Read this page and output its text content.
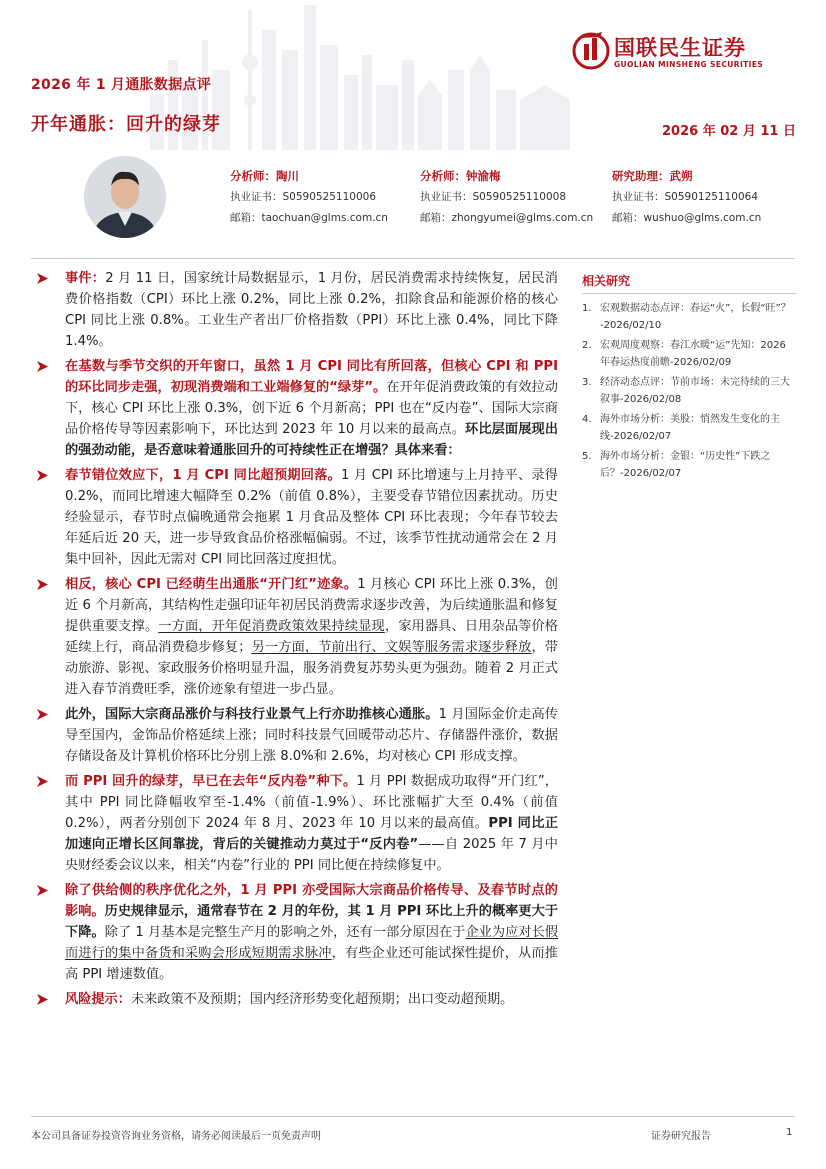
国联民生证券
GUOLIAN MINSHENG SECURITIES
2026 年 1 月通胀数据点评
开年通胀：回升的绿芽	2026 年 02 月 11 日
分析师：陶川
执业证书：S0590525110006
邮箱：taochuan@glms.com.cn
分析师：钟渝梅
执业证书：S0590525110008
邮箱：zhongyumei@glms.com.cn
研究助理：武朔
执业证书：S0590125110064
邮箱：wushuo@glms.com.cn
事件：2 月 11 日，国家统计局数据显示，1 月份，居民消费需求持续恢复，居民消费价格指数（CPI）环比上涨 0.2%，同比上涨 0.2%，扣除食品和能源价格的核心 CPI 同比上涨 0.8%。工业生产者出厂价格指数（PPI）环比上涨 0.4%，同比下降 1.4%。
在基数与季节交织的开年窗口，虽然 1 月 CPI 同比有所回落，但核心 CPI 和 PPI 的环比同步走强，初现消费端和工业端修复的“绿芽”。在开年促消费政策的有效拉动下，核心 CPI 环比上涨 0.3%，创下近 6 个月新高；PPI 也在“反内卷”、国际大宗商品价格传导等因素影响下，环比达到 2023 年 10 月以来的最高点。环比层面展现出的强劲动能，是否意味着通胀回升的可持续性正在增强？具体来看：
春节错位效应下，1 月 CPI 同比超预期回落。1 月 CPI 环比增速与上月持平、录得 0.2%，而同比增速大幅降至 0.2%（前值 0.8%），主要受春节错位因素扰动。历史经验显示，春节时点偏晚通常会拖累 1 月食品及整体 CPI 环比表现；今年春节较去年延后近 20 天，进一步导致食品价格涨幅偏弱。不过，该季节性扰动通常会在 2 月集中回补，因此无需对 CPI 同比回落过度担忧。
相反，核心 CPI 已经萌生出通胀“开门红”迹象。1 月核心 CPI 环比上涨 0.3%，创近 6 个月新高，其结构性走强印证年初居民消费需求逐步改善，为后续通胀温和修复提供重要支撑。一方面，开年促消费政策效果持续显现，家用器具、日用杂品等价格延续上行，商品消费稳步修复；另一方面，节前出行、文娱等服务需求逐步释放，带动旅游、影视、家政服务价格明显升温，服务消费复苏势头更为强劲。随着 2 月正式进入春节消费旺季，涨价迹象有望进一步凸显。
此外，国际大宗商品涨价与科技行业景气上行亦助推核心通胀。1 月国际金价走高传导至国内，金饰品价格延续上涨；同时科技景气回暖带动芯片、存储器件涨价，数据存储设备及计算机价格环比分别上涨 8.0%和 2.6%，均对核心 CPI 形成支撑。
而 PPI 回升的绿芽，早已在去年“反内卷”种下。1 月 PPI 数据成功取得“开门红”，其中 PPI 同比降幅收窄至-1.4%（前值-1.9%）、环比涨幅扩大至 0.4%（前值 0.2%），两者分别创下 2024 年 8 月、2023 年 10 月以来的最高值。PPI 同比正加速向正增长区间靠拢，背后的关键推动力莫过于“反内卷”——自 2025 年 7 月中央财经委会议以来，相关“内卷”行业的 PPI 同比便在持续修复中。
除了供给侧的秩序优化之外，1 月 PPI 亦受国际大宗商品价格传导、及春节时点的影响。历史规律显示，通常春节在 2 月的年份，其 1 月 PPI 环比上升的概率更大于下降。除了 1 月基本是完整生产月的影响之外，还有一部分原因在于企业为应对长假而进行的集中备货和采购会形成短期需求脉冲，有些企业还可能试探性提价，从而推高 PPI 增速数值。
风险提示：未来政策不及预期；国内经济形势变化超预期；出口变动超预期。
相关研究
1. 宏观数据动态点评：春运“火”，长假“旺”？ -2026/02/10
2. 宏观周度观察：春江水暖“运”先知：2026 年春运热度前瞻-2026/02/09
3. 经济动态点评：节前市场：未完待续的三大叙事-2026/02/08
4. 海外市场分析：美股：悄然发生变化的主线-2026/02/07
5. 海外市场分析：金银：“历史性”下跌之后？-2026/02/07
本公司具备证券投资咨询业务资格，请务必阅读最后一页免责声明	证券研究报告	1
